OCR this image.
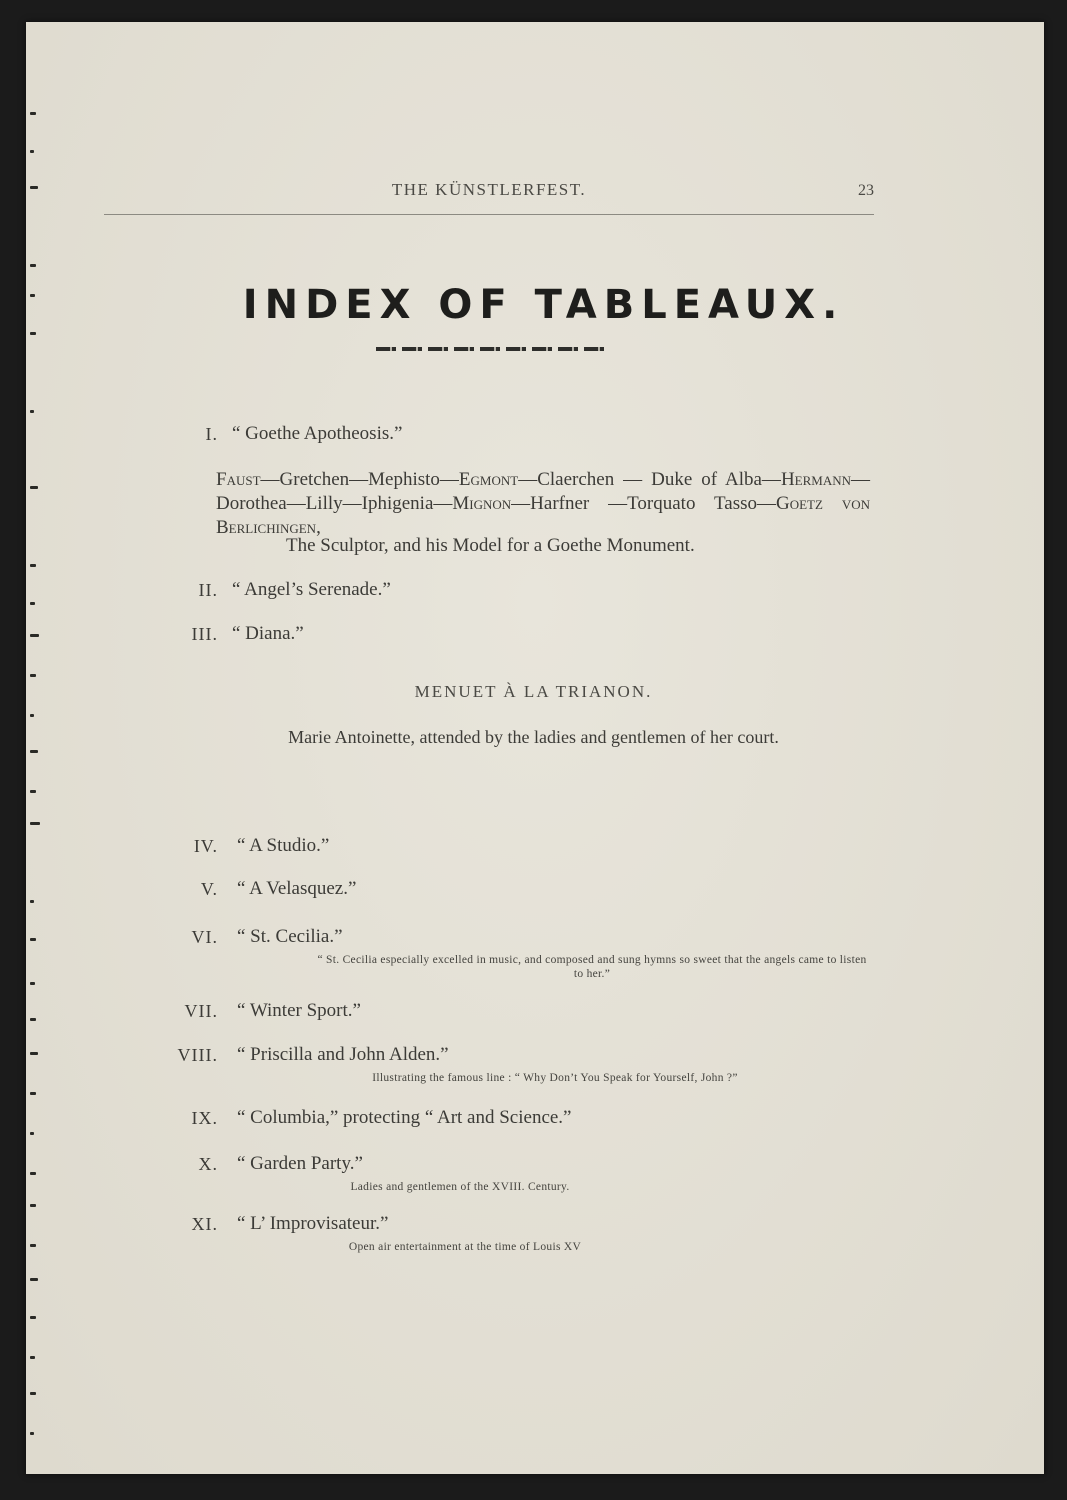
THE KÜNSTLERFEST.	23
INDEX OF TABLEAUX.
I. “ Goethe Apotheosis.”
Faust—Gretchen—Mephisto—Egmont—Claerchen — Duke of Alba—Hermann—Dorothea—Lilly—Iphigenia—Mignon—Harfner —Torquato Tasso—Goetz von Berlichingen,
The Sculptor, and his Model for a Goethe Monument.
II. “ Angel’s Serenade.”
III. “ Diana.”
MENUET À LA TRIANON.
Marie Antoinette, attended by the ladies and gentlemen of her court.
IV. “ A Studio.”
V. “ A Velasquez.”
VI. “ St. Cecilia.”
“ St. Cecilia especially excelled in music, and composed and sung hymns so sweet that the angels came to listen to her.”
VII. “ Winter Sport.”
VIII. “ Priscilla and John Alden.”
Illustrating the famous line : “ Why Don’t You Speak for Yourself, John ?”
IX. “ Columbia,” protecting “ Art and Science.”
X. “ Garden Party.”
Ladies and gentlemen of the XVIII. Century.
XI. “ L’ Improvisateur.”
Open air entertainment at the time of Louis XV
